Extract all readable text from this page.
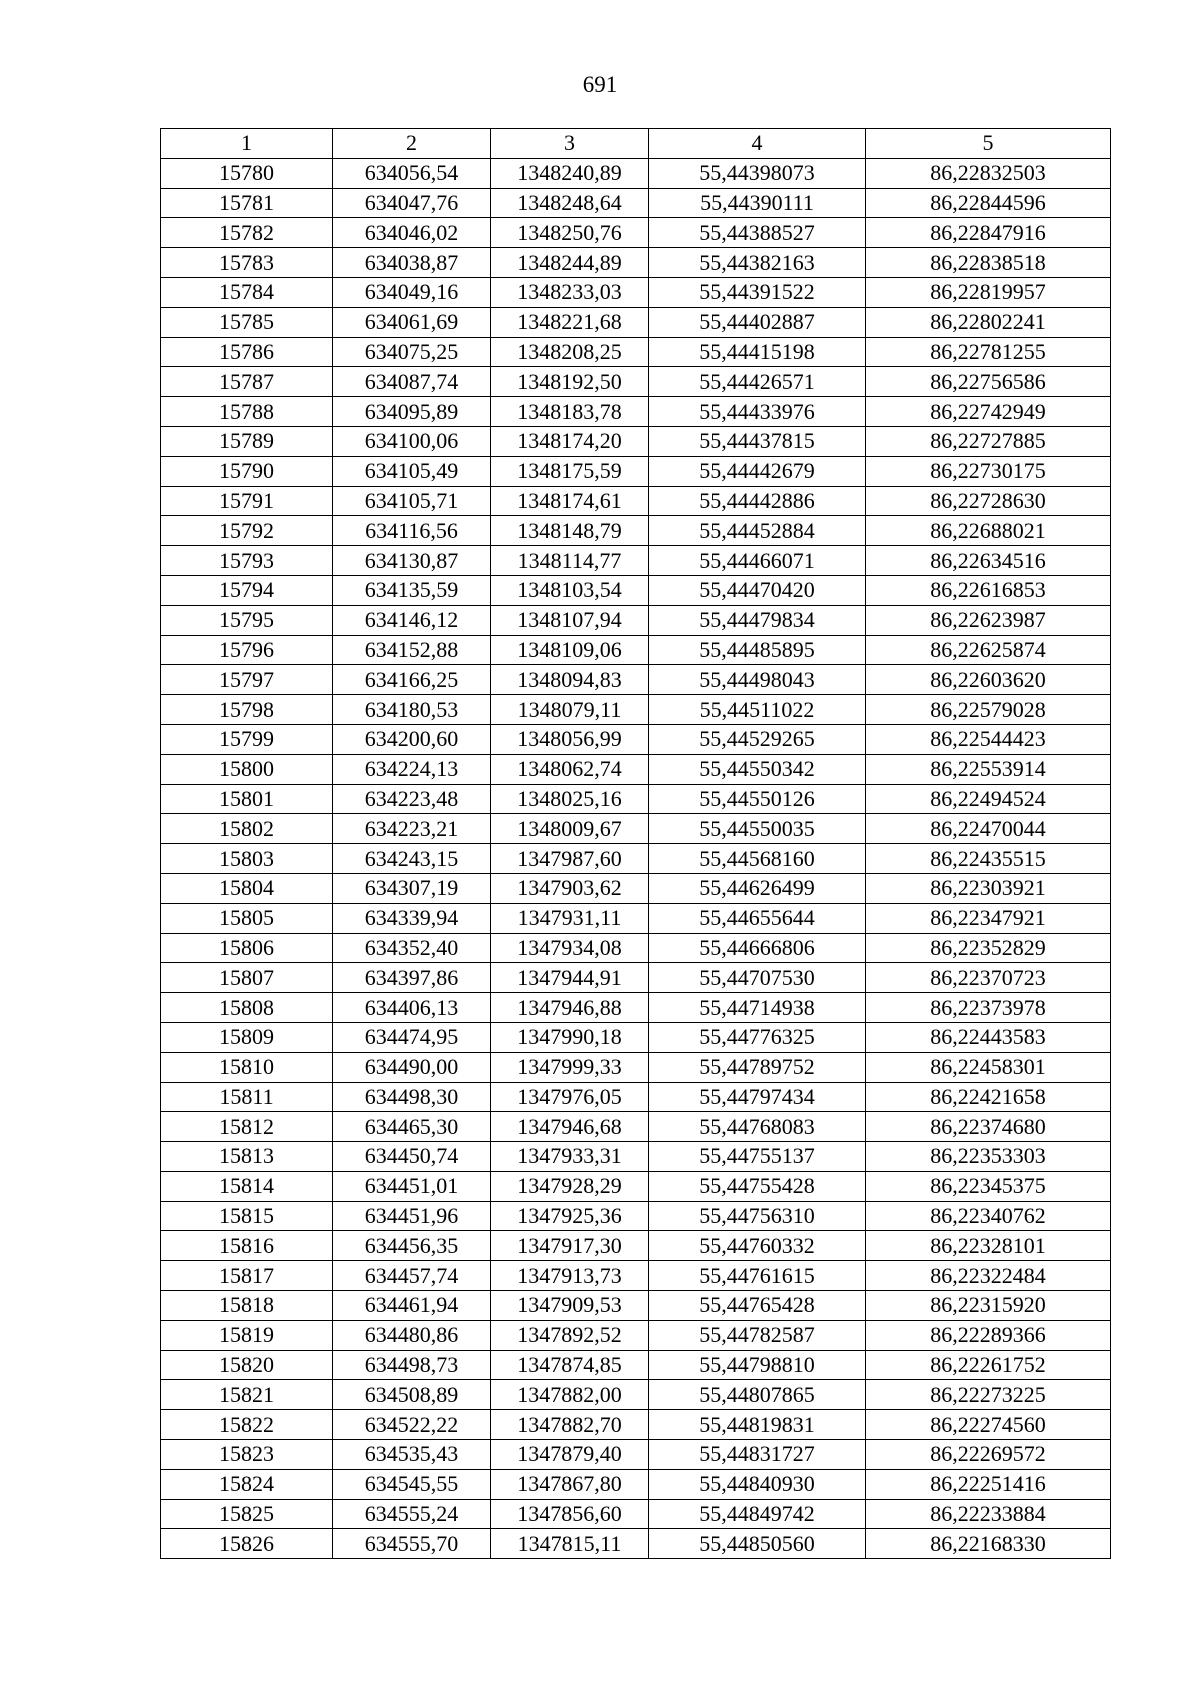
691
1	2	3	4	5
15780	634056,54	1348240,89	55,44398073	86,22832503
15781	634047,76	1348248,64	55,44390111	86,22844596
15782	634046,02	1348250,76	55,44388527	86,22847916
15783	634038,87	1348244,89	55,44382163	86,22838518
15784	634049,16	1348233,03	55,44391522	86,22819957
15785	634061,69	1348221,68	55,44402887	86,22802241
15786	634075,25	1348208,25	55,44415198	86,22781255
15787	634087,74	1348192,50	55,44426571	86,22756586
15788	634095,89	1348183,78	55,44433976	86,22742949
15789	634100,06	1348174,20	55,44437815	86,22727885
15790	634105,49	1348175,59	55,44442679	86,22730175
15791	634105,71	1348174,61	55,44442886	86,22728630
15792	634116,56	1348148,79	55,44452884	86,22688021
15793	634130,87	1348114,77	55,44466071	86,22634516
15794	634135,59	1348103,54	55,44470420	86,22616853
15795	634146,12	1348107,94	55,44479834	86,22623987
15796	634152,88	1348109,06	55,44485895	86,22625874
15797	634166,25	1348094,83	55,44498043	86,22603620
15798	634180,53	1348079,11	55,44511022	86,22579028
15799	634200,60	1348056,99	55,44529265	86,22544423
15800	634224,13	1348062,74	55,44550342	86,22553914
15801	634223,48	1348025,16	55,44550126	86,22494524
15802	634223,21	1348009,67	55,44550035	86,22470044
15803	634243,15	1347987,60	55,44568160	86,22435515
15804	634307,19	1347903,62	55,44626499	86,22303921
15805	634339,94	1347931,11	55,44655644	86,22347921
15806	634352,40	1347934,08	55,44666806	86,22352829
15807	634397,86	1347944,91	55,44707530	86,22370723
15808	634406,13	1347946,88	55,44714938	86,22373978
15809	634474,95	1347990,18	55,44776325	86,22443583
15810	634490,00	1347999,33	55,44789752	86,22458301
15811	634498,30	1347976,05	55,44797434	86,22421658
15812	634465,30	1347946,68	55,44768083	86,22374680
15813	634450,74	1347933,31	55,44755137	86,22353303
15814	634451,01	1347928,29	55,44755428	86,22345375
15815	634451,96	1347925,36	55,44756310	86,22340762
15816	634456,35	1347917,30	55,44760332	86,22328101
15817	634457,74	1347913,73	55,44761615	86,22322484
15818	634461,94	1347909,53	55,44765428	86,22315920
15819	634480,86	1347892,52	55,44782587	86,22289366
15820	634498,73	1347874,85	55,44798810	86,22261752
15821	634508,89	1347882,00	55,44807865	86,22273225
15822	634522,22	1347882,70	55,44819831	86,22274560
15823	634535,43	1347879,40	55,44831727	86,22269572
15824	634545,55	1347867,80	55,44840930	86,22251416
15825	634555,24	1347856,60	55,44849742	86,22233884
15826	634555,70	1347815,11	55,44850560	86,22168330
